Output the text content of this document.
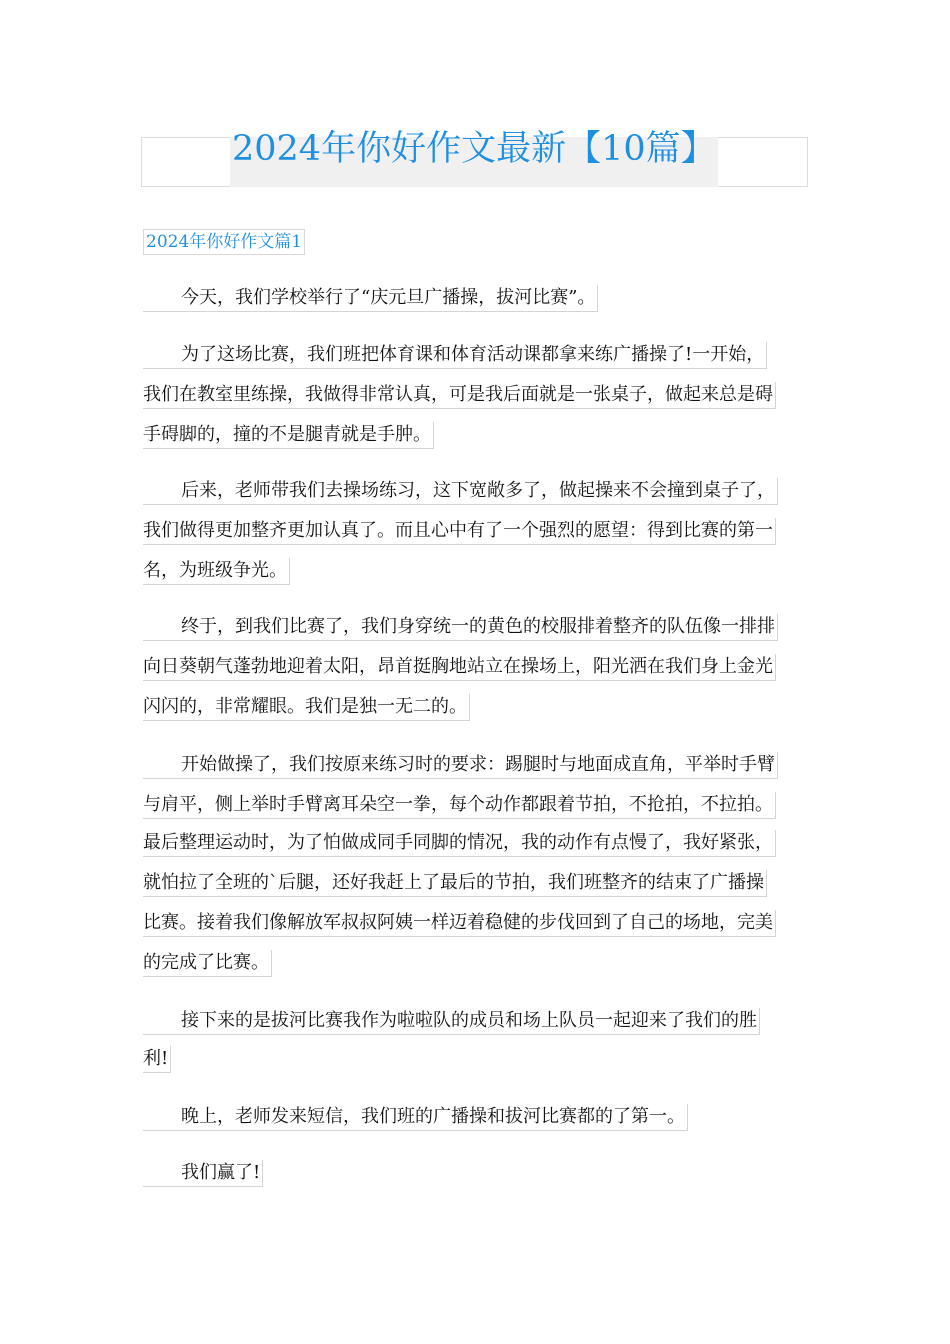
2024年你好作文最新【10篇】
2024年你好作文篇1
今天，我们学校举行了“庆元旦广播操，拔河比赛”。
为了这场比赛，我们班把体育课和体育活动课都拿来练广播操了!一开始，
我们在教室里练操，我做得非常认真，可是我后面就是一张桌子，做起来总是碍
手碍脚的，撞的不是腿青就是手肿。
后来，老师带我们去操场练习，这下宽敞多了，做起操来不会撞到桌子了，
我们做得更加整齐更加认真了。而且心中有了一个强烈的愿望：得到比赛的第一
名，为班级争光。
终于，到我们比赛了，我们身穿统一的黄色的校服排着整齐的队伍像一排排
向日葵朝气蓬勃地迎着太阳，昂首挺胸地站立在操场上，阳光洒在我们身上金光
闪闪的，非常耀眼。我们是独一无二的。
开始做操了，我们按原来练习时的要求：踢腿时与地面成直角，平举时手臂
与肩平，侧上举时手臂离耳朵空一拳，每个动作都跟着节拍，不抢拍，不拉拍。
最后整理运动时，为了怕做成同手同脚的情况，我的动作有点慢了，我好紧张，
就怕拉了全班的`后腿，还好我赶上了最后的节拍，我们班整齐的结束了广播操
比赛。接着我们像解放军叔叔阿姨一样迈着稳健的步伐回到了自己的场地，完美
的完成了比赛。
接下来的是拔河比赛我作为啦啦队的成员和场上队员一起迎来了我们的胜
利!
晚上，老师发来短信，我们班的广播操和拔河比赛都的了第一。
我们赢了!
